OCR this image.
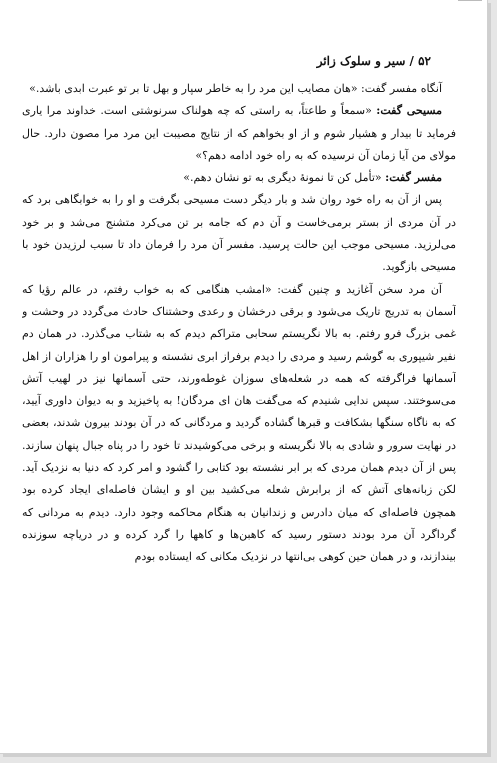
۵۲ / سیر و سلوک زائر

آنگاه مفسر گفت: «هان مصایب این مرد را به خاطر سپار و بهل تا بر تو عبرت ابدی باشد.»

مسیحی گفت: «سمعاً و طاعتاً، به راستی که چه هولناک سرنوشتی است. خداوند مرا یاری فرماید تا بیدار و هشیار شوم و از او بخواهم که از نتایج مصیبت این مرد مرا مصون دارد. حال مولای من آیا زمان آن نرسیده که به راه خود ادامه دهم؟»

مفسر گفت: «تأمل کن تا نمونهٔ دیگری به تو نشان دهم.»

پس از آن به راه خود روان شد و بار دیگر دست مسیحی بگرفت و او را به خوابگاهی برد که در آن مردی از بستر برمی‌خاست و آن دم که جامه بر تن می‌کرد متشنج می‌شد و بر خود می‌لرزید. مسیحی موجب این حالت پرسید. مفسر آن مرد را فرمان داد تا سبب لرزیدن خود با مسیحی بازگوید.

آن مرد سخن آغازید و چنین گفت: «امشب هنگامی که به خواب رفتم، در عالم رؤیا که آسمان به تدریج تاریک می‌شود و برقی درخشان و رعدی وحشتناک حادث می‌گردد در وحشت و غمی بزرگ فرو رفتم. به بالا نگریستم سحابی متراکم دیدم که به شتاب می‌گذرد. در همان دم نفیر شیپوری به گوشم رسید و مردی را دیدم برفراز ابری نشسته و پیرامون او را هزاران از اهل آسمانها فراگرفته که همه در شعله‌های سوزان غوطه‌ورند، حتی آسمانها نیز در لهیب آتش می‌سوختند. سپس ندایی شنیدم که می‌گفت هان ای مردگان! به پاخیزید و به دیوان داوری آیید، که به ناگاه سنگها بشکافت و قبرها گشاده گردید و مردگانی که در آن بودند بیرون شدند، بعضی در نهایت سرور و شادی به بالا نگریسته و برخی می‌کوشیدند تا خود را در پناه جبال پنهان سازند. پس از آن دیدم همان مردی که بر ابر نشسته بود کتابی را گشود و امر کرد که دنیا به نزدیک آید. لکن زبانه‌های آتش که از برابرش شعله می‌کشید بین او و ایشان فاصله‌ای ایجاد کرده بود همچون فاصله‌ای که میان دادرس و زندانیان به هنگام محاکمه وجود دارد. دیدم به مردانی که گرداگرد آن مرد بودند دستور رسید که کاهبن‌ها و کاهها را گرد کرده و در دریاچه سوزنده بیندازند، و در همان حین کوهی بی‌انتها در نزدیک مکانی که ایستاده بودم
